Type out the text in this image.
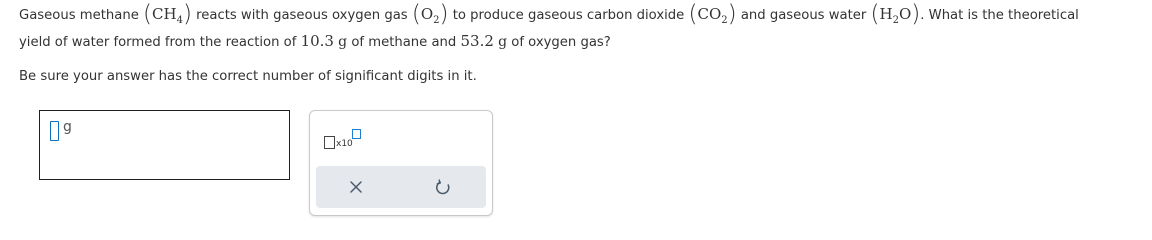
Gaseous methane $(CH_4)$ reacts with gaseous oxygen gas $(O_2)$ to produce gaseous carbon dioxide $(CO_2)$ and gaseous water $(H_2O)$. What is the theoretical
yield of water formed from the reaction of 10.3 g of methane and 53.2 g of oxygen gas?
Be sure your answer has the correct number of significant digits in it.
g
x10
